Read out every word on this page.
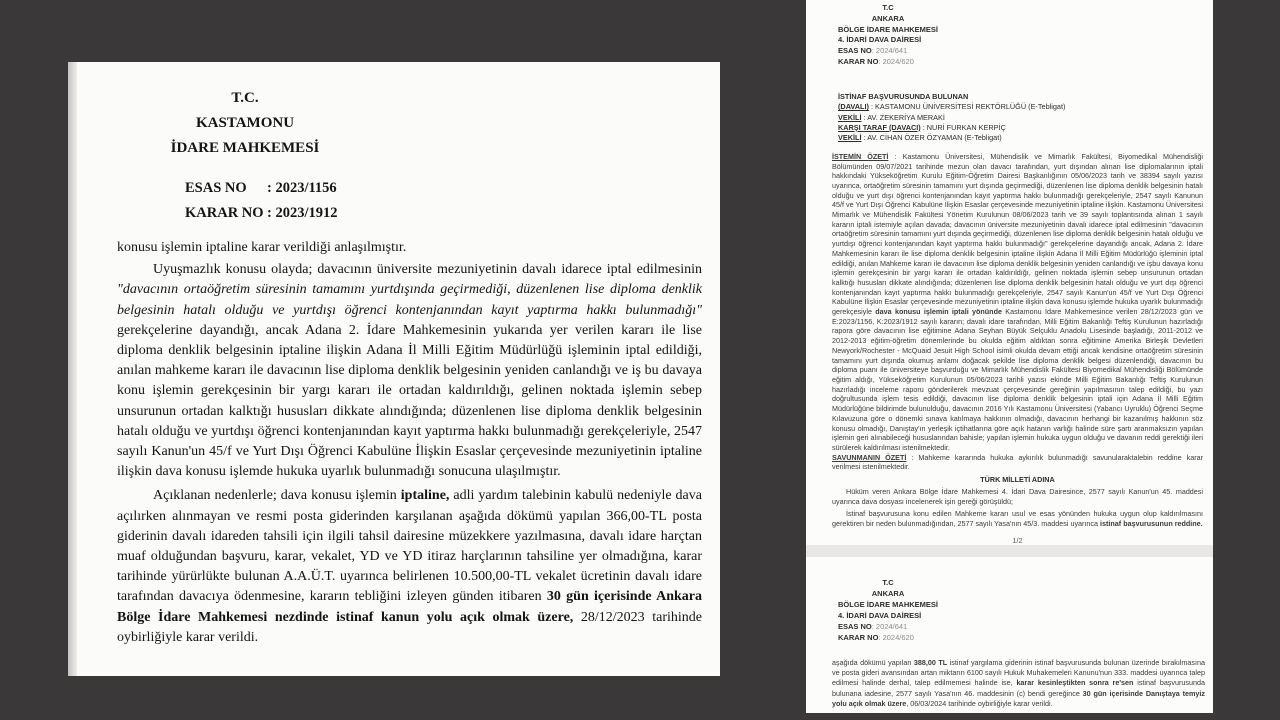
T.C.
KASTAMONU
İDARE MAHKEMESİ
ESAS NO	: 2023/1156
KARAR NO : 2023/1912

konusu işlemin iptaline karar verildiği anlaşılmıştır.

Uyuşmazlık konusu olayda; davacının üniversite mezuniyetinin davalı idarece iptal edilmesinin "davacının ortaöğretim süresinin tamamını yurtdışında geçirmediği, düzenlenen lise diploma denklik belgesinin hatalı olduğu ve yurtdışı öğrenci kontenjanından kayıt yaptırma hakkı bulunmadığı" gerekçelerine dayandığı, ancak Adana 2. İdare Mahkemesinin yukarıda yer verilen kararı ile lise diploma denklik belgesinin iptaline ilişkin Adana İl Milli Eğitim Müdürlüğü işleminin iptal edildiği, anılan mahkeme kararı ile davacının lise diploma denklik belgesinin yeniden canlandığı ve iş bu davaya konu işlemin gerekçesinin bir yargı kararı ile ortadan kaldırıldığı, gelinen noktada işlemin sebep unsurunun ortadan kalktığı hususları dikkate alındığında; düzenlenen lise diploma denklik belgesinin hatalı olduğu ve yurtdışı öğrenci kontenjanından kayıt yaptırma hakkı bulunmadığı gerekçeleriyle, 2547 sayılı Kanun'un 45/f ve Yurt Dışı Öğrenci Kabulüne İlişkin Esaslar çerçevesinde mezuniyetinin iptaline ilişkin dava konusu işlemde hukuka uyarlık bulunmadığı sonucuna ulaşılmıştır.

Açıklanan nedenlerle; dava konusu işlemin iptaline, adli yardım talebinin kabulü nedeniyle dava açılırken alınmayan ve resmi posta giderinden karşılanan aşağıda dökümü yapılan 366,00-TL posta giderinin davalı idareden tahsili için ilgili tahsil dairesine müzekkere yazılmasına, davalı idare harçtan muaf olduğundan başvuru, karar, vekalet, YD ve YD itiraz harçlarının tahsiline yer olmadığına, karar tarihinde yürürlükte bulunan A.A.Ü.T. uyarınca belirlenen 10.500,00-TL vekalet ücretinin davalı idare tarafından davacıya ödenmesine, kararın tebliğini izleyen günden itibaren 30 gün içerisinde Ankara Bölge İdare Mahkemesi nezdinde istinaf kanun yolu açık olmak üzere, 28/12/2023 tarihinde oybirliğiyle karar verildi.

T.C
ANKARA
BÖLGE İDARE MAHKEMESİ
4. İDARİ DAVA DAİRESİ
ESAS NO: 2024/641
KARAR NO: 2024/620
İSTİNAF BAŞVURUSUNDA BULUNAN
(DAVALI) : KASTAMONU ÜNİVERSİTESİ REKTÖRLÜĞÜ (E-Tebligat)
VEKİLİ : AV. ZEKERİYA MERAKİ
KARŞI TARAF (DAVACI) : NURİ FURKAN KERPİÇ
VEKİLİ : AV. CİHAN ÖZER ÖZYAMAN (E-Tebligat)
İSTEMİN ÖZETİ : Kastamonu Üniversitesi, Mühendislik ve Mimarlık Fakültesi, Biyomedikal Mühendisliği Bölümünden 09/07/2021 tarihinde mezun olan davacı tarafından, yurt dışından alınan lise diplomalarının iptali hakkındaki Yükseköğretim Kurulu Eğitim-Öğretim Dairesi Başkanlığının 05/06/2023 tarih ve 38394 sayılı yazısı uyarınca, ortaöğretim süresinin tamamını yurt dışında geçirmediği, düzenlenen lise diploma denklik belgesinin hatalı olduğu ve yurt dışı öğrenci kontenjanından kayıt yaptırma hakkı bulunmadığı gerekçeleriyle, 2547 sayılı Kanunun 45/f ve Yurt Dışı Öğrenci Kabulüne İlişkin Esaslar çerçevesinde mezuniyetinin iptaline ilişkin. Kastamonu Üniversitesi Mimarlık ve Mühendislik Fakültesi Yönetim Kurulunun 08/06/2023 tarih ve 39 sayılı toplantısında alınan 1 sayılı kararın iptali istemiyle açılan davada; davacının üniversite mezuniyetinin davalı idarece iptal edilmesinin "davacının ortaöğretim süresinin tamamını yurt dışında geçirmediği, düzenlenen lise diploma denklik belgesinin hatalı olduğu ve yurtdışı öğrenci kontenjanından kayıt yaptırma hakkı bulunmadığı" gerekçelerine dayandığı ancak, Adana 2. İdare Mahkemesinin kararı ile lise diploma denklik belgesinin iptaline ilişkin Adana İl Milli Eğitim Müdürlüğü işleminin iptal edildiği, anılan Mahkeme kararı ile davacının lise diploma denklik belgesinin yeniden canlandığı ve işbu davaya konu işlemin gerekçesinin bir yargı kararı ile ortadan kaldırıldığı, gelinen noktada işlemin sebep unsurunun ortadan kalktığı hususları dikkate alındığında; düzenlenen lise diploma denklik belgesinin hatalı olduğu ve yurt dışı öğrenci kontenjanından kayıt yaptırma hakkı bulunmadığı gerekçeleriyle, 2547 sayılı Kanun'un 45/f ve Yurt Dışı Öğrenci Kabulüne İlişkin Esaslar çerçevesinde mezuniyetinin iptaline ilişkin dava konusu işlemde hukuka uyarlık bulunmadığı gerekçesiyle dava konusu işlemin iptali yönünde Kastamonu İdare Mahkemesince verilen 28/12/2023 gün ve E:2023/1156, K:2023/1912 sayılı kararın; davalı idare tarafından, Milli Eğitim Bakanlığı Teftiş Kurulunun hazırladığı rapora göre davacının lise eğitimine Adana Seyhan Büyük Selçuklu Anadolu Lisesinde başladığı, 2011-2012 ve 2012-2013 eğitim-öğretim dönemlerinde bu okulda eğitim aldıktan sonra eğitimine Amerika Birleşik Devletleri Newyork/Rochester - McQuaid Jesuit High School isimli okulda devam ettiği ancak kendisine ortaöğretim süresinin tamamını yurt dışında okumuş anlamı doğacak şekilde lise diploma denklik belgesi düzenlendiği, davacının bu diploma puanı ile üniversiteye başvurduğu ve Mimarlık Mühendislik Fakültesi Biyomedikal Mühendisliği Bölümünde eğitim aldığı, Yükseköğretim Kurulunun 05/06/2023 tarihli yazısı ekinde Milli Eğitim Bakanlığı Teftiş Kurulunun hazırladığı inceleme raporu gönderilerek mevzuat çerçevesinde gereğinin yapılmasının talep edildiği, bu yazı doğrultusunda işlem tesis edildiği, davacının lise diploma denklik belgesinin iptali için Adana İl Milli Eğitim Müdürlüğüne bildirimde bulunulduğu, davacının 2016 Yılı Kastamonu Üniversitesi (Yabancı Uyruklu) Öğrenci Seçme Kılavuzuna göre o dönemki sınava katılmaya hakkının olmadığı, davacının herhangi bir kazanılmış hakkının söz konusu olmadığı, Danıştay'ın yerleşik içtihatlarına göre açık hatanın varlığı halinde süre şartı aranmaksızın yapılan işlemin geri alınabileceği hususlarından bahisle; yapılan işlemin hukuka uygun olduğu ve davanın reddi gerektiği ileri sürülerek kaldırılması istenilmektedir.
SAVUNMANIN ÖZETİ : Mahkeme kararında hukuka aykırılık bulunmadığı savunularaktalebin reddine karar verilmesi istenilmektedir.
TÜRK MİLLETİ ADINA
Hüküm veren Ankara Bölge İdare Mahkemesi 4. İdari Dava Dairesince, 2577 sayılı Kanun'un 45. maddesi uyarınca dava dosyası incelenerek işin gereği görüşüldü;
İstinaf başvurusuna konu edilen Mahkeme kararı usul ve esas yönünden hukuka uygun olup kaldırılmasını gerektiren bir neden bulunmadığından, 2577 sayılı Yasa'nın 45/3. maddesi uyarınca istinaf başvurusunun reddine.
1/2
T.C
ANKARA
BÖLGE İDARE MAHKEMESİ
4. İDARİ DAVA DAİRESİ
ESAS NO: 2024/641
KARAR NO: 2024/620
aşağıda dökümü yapılan 388,00 TL istinaf yargılama giderinin istinaf başvurusunda bulunan üzerinde bırakılmasına ve posta gideri avansından artan miktarın 6100 sayılı Hukuk Muhakemeleri Kanunu'nun 333. maddesi uyarınca talep edilmesi halinde derhal, talep edilmemesi halinde ise, karar kesinleştikten sonra re'sen istinaf başvurusunda bulunana iadesine, 2577 sayılı Yasa'nın 46. maddesinin (c) bendi gereğince 30 gün içerisinde Danıştaya temyiz yolu açık olmak üzere, 06/03/2024 tarihinde oybirliğiyle karar verildi.
